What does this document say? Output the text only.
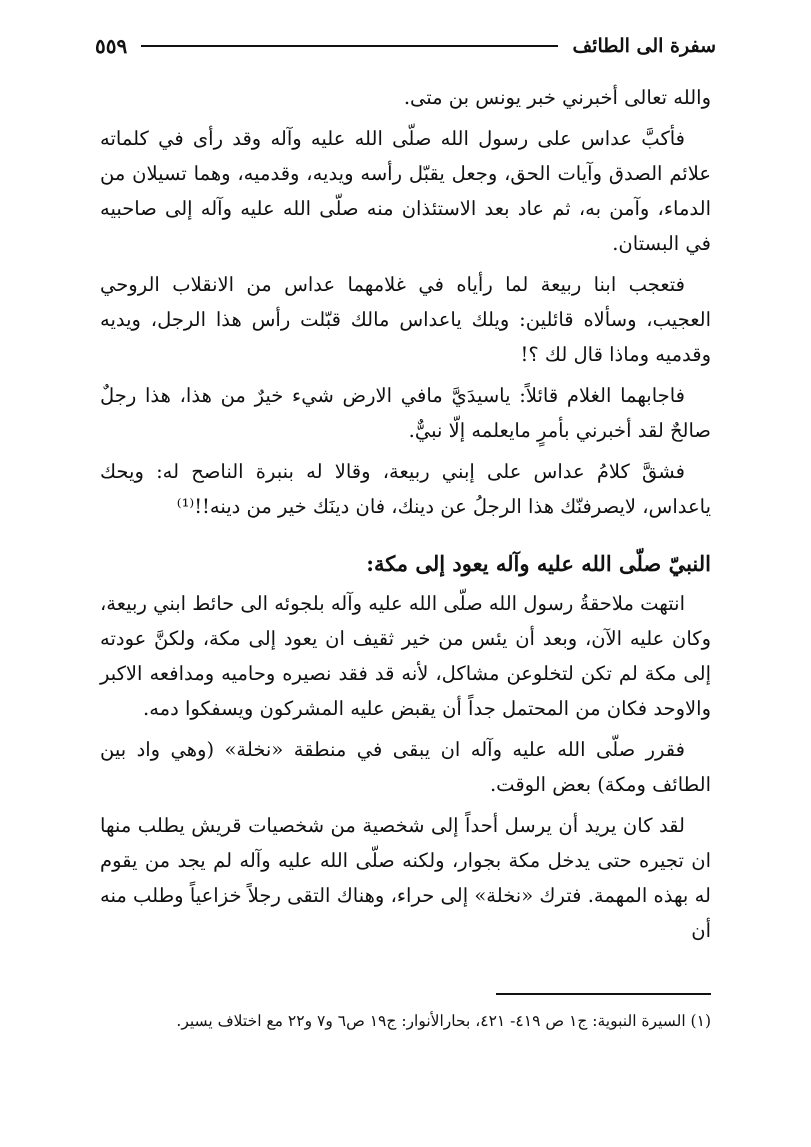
سفرة الى الطائف
٥٥٩

والله تعالى أخبرني خبر يونس بن متى.

فأكبَّ عداس على رسول الله صلّى الله عليه وآله وقد رأى في كلماته علائم الصدق وآيات الحق، وجعل يقبّل رأسه ويديه، وقدميه، وهما تسيلان من الدماء، وآمن به، ثم عاد بعد الاستئذان منه صلّى الله عليه وآله إلى صاحبيه في البستان.

فتعجب ابنا ربيعة لما رأياه في غلامهما عداس من الانقلاب الروحي العجيب، وسألاه قائلين: ويلك ياعداس مالك قبّلت رأس هذا الرجل، ويديه وقدميه وماذا قال لك ؟!

فاجابهما الغلام قائلاً: ياسيدَيَّ مافي الارض شيء خيرٌ من هذا، هذا رجلٌ صالحٌ لقد أخبرني بأمرٍ مايعلمه إلّا نبيٌّ.

فشقَّ كلامُ عداس على إبني ربيعة، وقالا له بنبرة الناصح له: ويحك ياعداس، لايصرفنّك هذا الرجلُ عن دينك، فان دينَك خير من دينه!!⁽¹⁾

النبيّ صلّى الله عليه وآله يعود إلى مكة:

انتهت ملاحقةُ رسول الله صلّى الله عليه وآله بلجوئه الى حائط ابني ربيعة، وكان عليه الآن، وبعد أن يئس من خير ثقيف ان يعود إلى مكة، ولكنَّ عودته إلى مكة لم تكن لتخلوعن مشاكل، لأنه قد فقد نصيره وحاميه ومدافعه الاكبر والاوحد فكان من المحتمل جداً أن يقبض عليه المشركون ويسفكوا دمه.

فقرر صلّى الله عليه وآله ان يبقى في منطقة «نخلة» (وهي واد بين الطائف ومكة) بعض الوقت.

لقد كان يريد أن يرسل أحداً إلى شخصية من شخصيات قريش يطلب منها ان تجيره حتى يدخل مكة بجوار، ولكنه صلّى الله عليه وآله لم يجد من يقوم له بهذه المهمة. فترك «نخلة» إلى حراء، وهناك التقى رجلاً خزاعياً وطلب منه أن

(١) السيرة النبوية: ج١ ص ٤١٩- ٤٢١، بحارالأنوار: ج١٩ ص٦ و٧ و٢٢ مع اختلاف يسير.
